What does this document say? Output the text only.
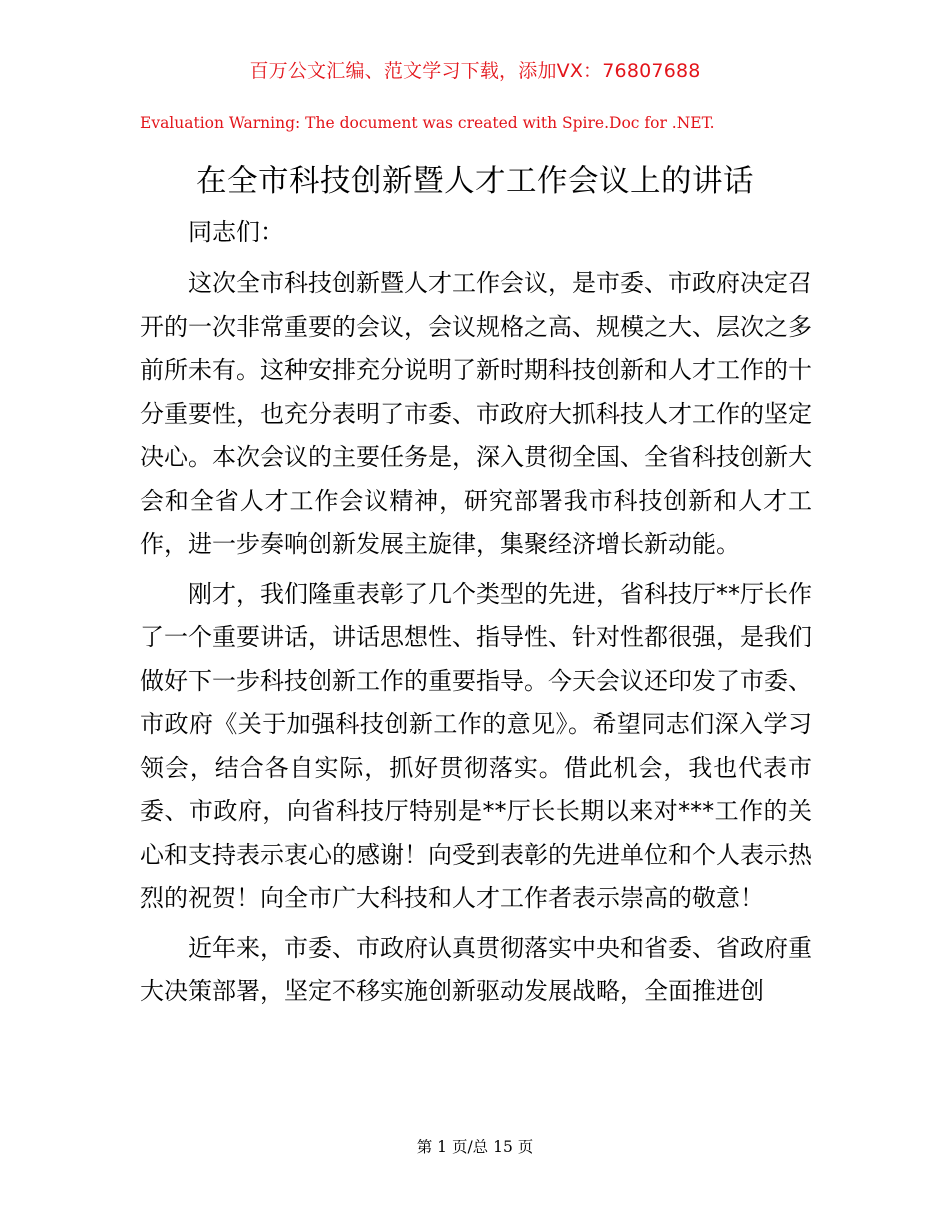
百万公文汇编、范文学习下载，添加VX：76807688
Evaluation Warning: The document was created with Spire.Doc for .NET.
在全市科技创新暨人才工作会议上的讲话

同志们：

这次全市科技创新暨人才工作会议，是市委、市政府决定召开的一次非常重要的会议，会议规格之高、规模之大、层次之多前所未有。这种安排充分说明了新时期科技创新和人才工作的十分重要性，也充分表明了市委、市政府大抓科技人才工作的坚定决心。本次会议的主要任务是，深入贯彻全国、全省科技创新大会和全省人才工作会议精神，研究部署我市科技创新和人才工作，进一步奏响创新发展主旋律，集聚经济增长新动能。

刚才，我们隆重表彰了几个类型的先进，省科技厅**厅长作了一个重要讲话，讲话思想性、指导性、针对性都很强，是我们做好下一步科技创新工作的重要指导。今天会议还印发了市委、市政府《关于加强科技创新工作的意见》。希望同志们深入学习领会，结合各自实际，抓好贯彻落实。借此机会，我也代表市委、市政府，向省科技厅特别是**厅长长期以来对***工作的关心和支持表示衷心的感谢！向受到表彰的先进单位和个人表示热烈的祝贺！向全市广大科技和人才工作者表示崇高的敬意！

近年来，市委、市政府认真贯彻落实中央和省委、省政府重大决策部署，坚定不移实施创新驱动发展战略，全面推进创

第 1 页/总 15 页
